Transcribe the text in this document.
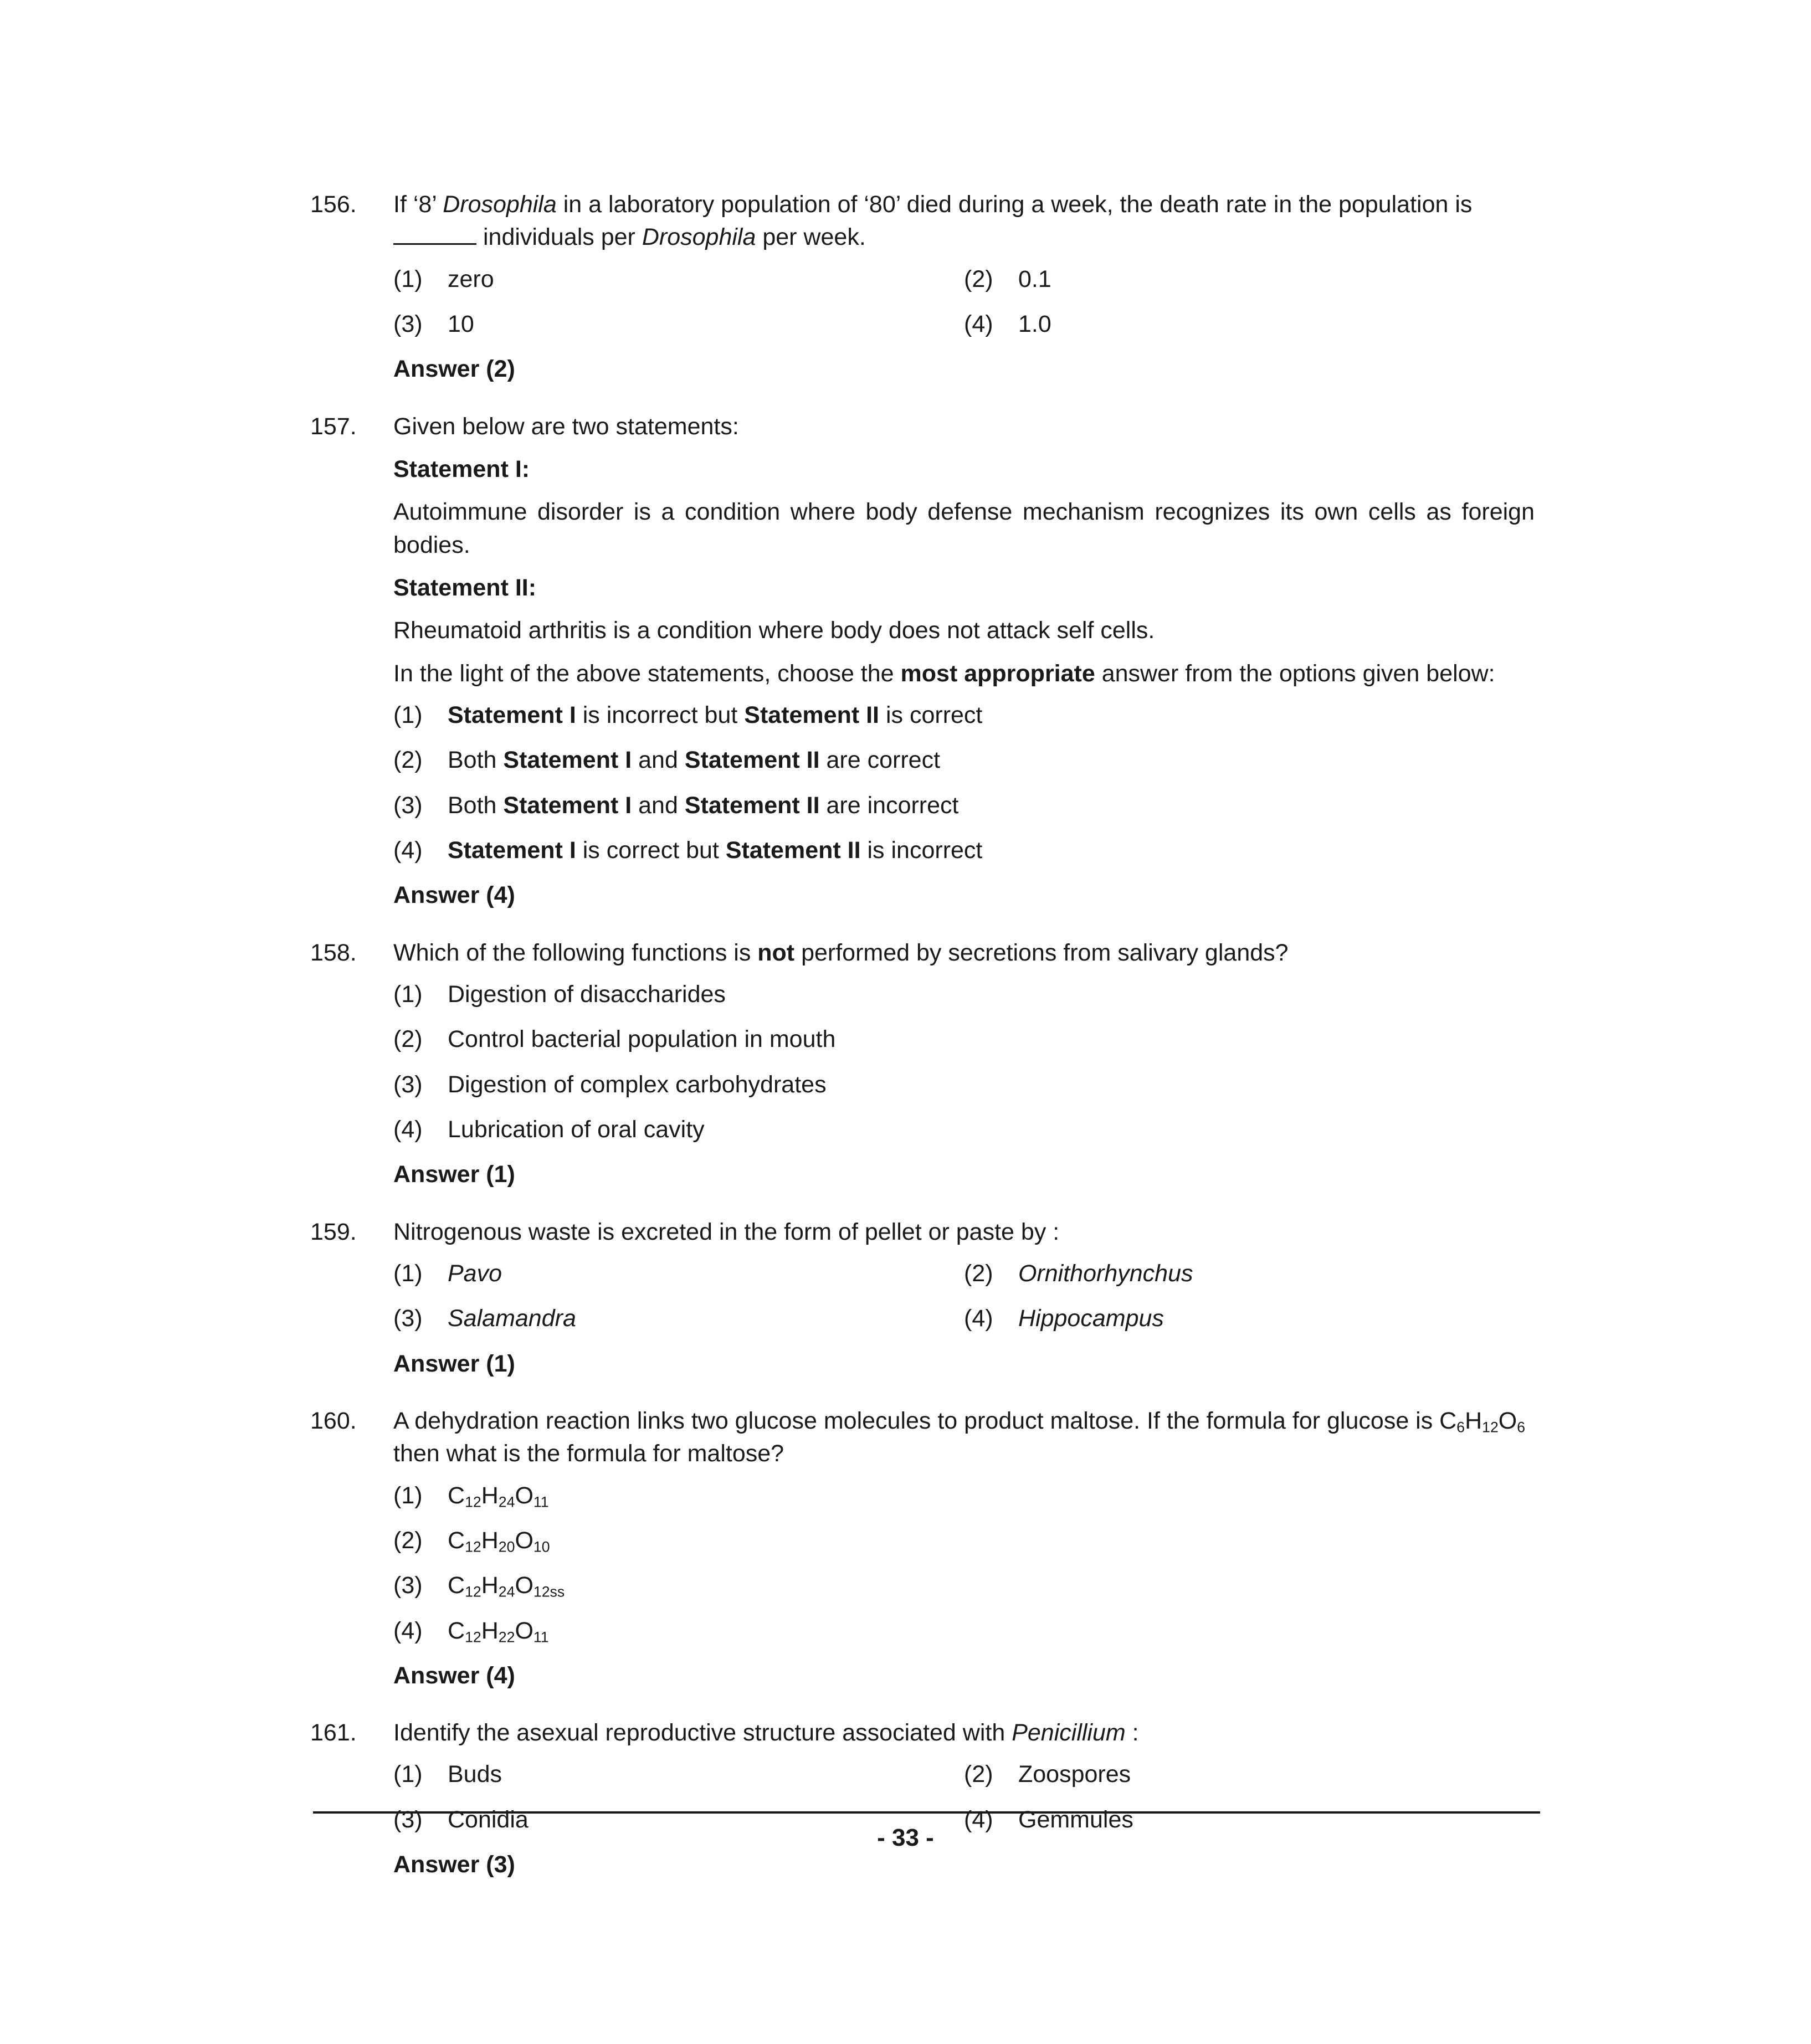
156. If ‘8’ Drosophila in a laboratory population of ‘80’ died during a week, the death rate in the population is
individuals per Drosophila per week.
(1)	zero	(2)	0.1
(3)	10	(4)	1.0
Answer (2)
157. Given below are two statements:
Statement I:
Autoimmune disorder is a condition where body defense mechanism recognizes its own cells as foreign bodies.
Statement II:
Rheumatoid arthritis is a condition where body does not attack self cells.
In the light of the above statements, choose the most appropriate answer from the options given below:
(1)	Statement I is incorrect but Statement II is correct
(2)	Both Statement I and Statement II are correct
(3)	Both Statement I and Statement II are incorrect
(4)	Statement I is correct but Statement II is incorrect
Answer (4)
158. Which of the following functions is not performed by secretions from salivary glands?
(1)	Digestion of disaccharides
(2)	Control bacterial population in mouth
(3)	Digestion of complex carbohydrates
(4)	Lubrication of oral cavity
Answer (1)
159. Nitrogenous waste is excreted in the form of pellet or paste by :
(1)	Pavo	(2)	Ornithorhynchus
(3)	Salamandra	(4)	Hippocampus
Answer (1)
160. A dehydration reaction links two glucose molecules to product maltose. If the formula for glucose is $C_6H_{12}O_6$
then what is the formula for maltose?
(1)	$C_{12}H_{24}O_{11}$
(2)	$C_{12}H_{20}O_{10}$
(3)	$C_{12}H_{24}O_{12ss}$
(4)	$C_{12}H_{22}O_{11}$
Answer (4)
161. Identify the asexual reproductive structure associated with Penicillium :
(1)	Buds	(2)	Zoospores
(3)	Conidia	(4)	Gemmules
Answer (3)
- 33 -
